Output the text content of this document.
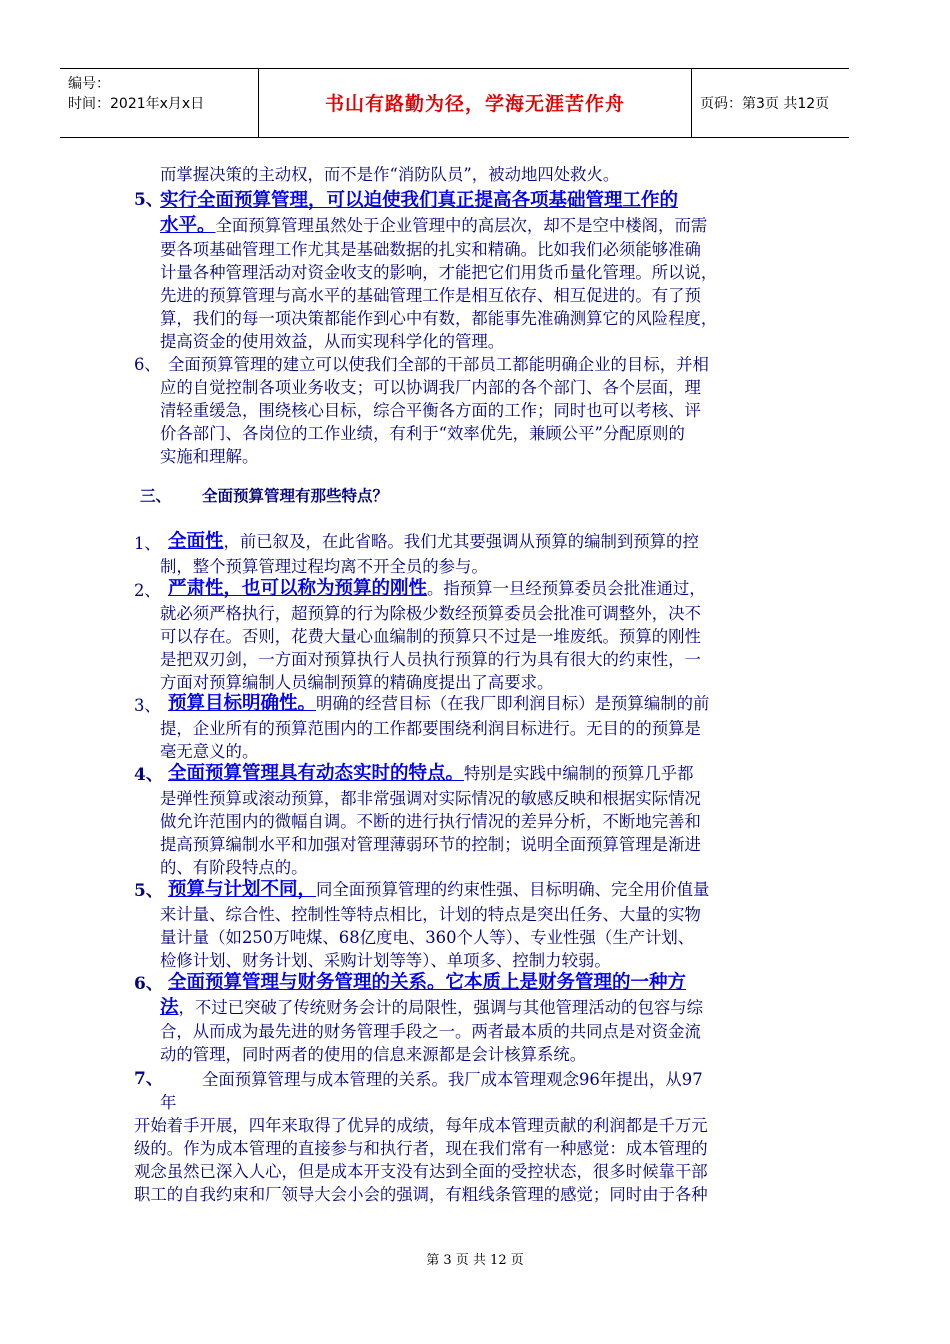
编号：
时间：2021年x月x日	书山有路勤为径，学海无涯苦作舟	页码：第3页 共12页
而掌握决策的主动权，而不是作“消防队员”，被动地四处救火。
5、
实行全面预算管理，可以迫使我们真正提高各项基础管理工作的
水平。全面预算管理虽然处于企业管理中的高层次，却不是空中楼阁，而需
要各项基础管理工作尤其是基础数据的扎实和精确。比如我们必须能够准确
计量各种管理活动对资金收支的影响，才能把它们用货币量化管理。所以说，
先进的预算管理与高水平的基础管理工作是相互依存、相互促进的。有了预
算，我们的每一项决策都能作到心中有数，都能事先准确测算它的风险程度，
提高资金的使用效益，从而实现科学化的管理。
6、 全面预算管理的建立可以使我们全部的干部员工都能明确企业的目标，并相
应的自觉控制各项业务收支；可以协调我厂内部的各个部门、各个层面，理
清轻重缓急，围绕核心目标，综合平衡各方面的工作；同时也可以考核、评
价各部门、各岗位的工作业绩，有利于“效率优先，兼顾公平”分配原则的
实施和理解。
三、 全面预算管理有那些特点？
1、 全面性，前已叙及，在此省略。我们尤其要强调从预算的编制到预算的控
制，整个预算管理过程均离不开全员的参与。
2、 严肃性，也可以称为预算的刚性。指预算一旦经预算委员会批准通过，
就必须严格执行，超预算的行为除极少数经预算委员会批准可调整外，决不
可以存在。否则，花费大量心血编制的预算只不过是一堆废纸。预算的刚性
是把双刃剑，一方面对预算执行人员执行预算的行为具有很大的约束性，一
方面对预算编制人员编制预算的精确度提出了高要求。
3、 预算目标明确性。明确的经营目标（在我厂即利润目标）是预算编制的前
提，企业所有的预算范围内的工作都要围绕利润目标进行。无目的的预算是
毫无意义的。
4、 全面预算管理具有动态实时的特点。特别是实践中编制的预算几乎都
是弹性预算或滚动预算，都非常强调对实际情况的敏感反映和根据实际情况
做允许范围内的微幅自调。不断的进行执行情况的差异分析，不断地完善和
提高预算编制水平和加强对管理薄弱环节的控制；说明全面预算管理是渐进
的、有阶段特点的。
5、 预算与计划不同，同全面预算管理的约束性强、目标明确、完全用价值量
来计量、综合性、控制性等特点相比，计划的特点是突出任务、大量的实物
量计量（如250万吨煤、68亿度电、360个人等）、专业性强（生产计划、
检修计划、财务计划、采购计划等等）、单项多、控制力较弱。
6、 全面预算管理与财务管理的关系。它本质上是财务管理的一种方
法，不过已突破了传统财务会计的局限性，强调与其他管理活动的包容与综
合，从而成为最先进的财务管理手段之一。两者最本质的共同点是对资金流
动的管理，同时两者的使用的信息来源都是会计核算系统。
7、 全面预算管理与成本管理的关系。我厂成本管理观念96年提出，从97
年
开始着手开展，四年来取得了优异的成绩，每年成本管理贡献的利润都是千万元
级的。作为成本管理的直接参与和执行者，现在我们常有一种感觉：成本管理的
观念虽然已深入人心，但是成本开支没有达到全面的受控状态，很多时候靠干部
职工的自我约束和厂领导大会小会的强调，有粗线条管理的感觉；同时由于各种
第 3 页 共 12 页
